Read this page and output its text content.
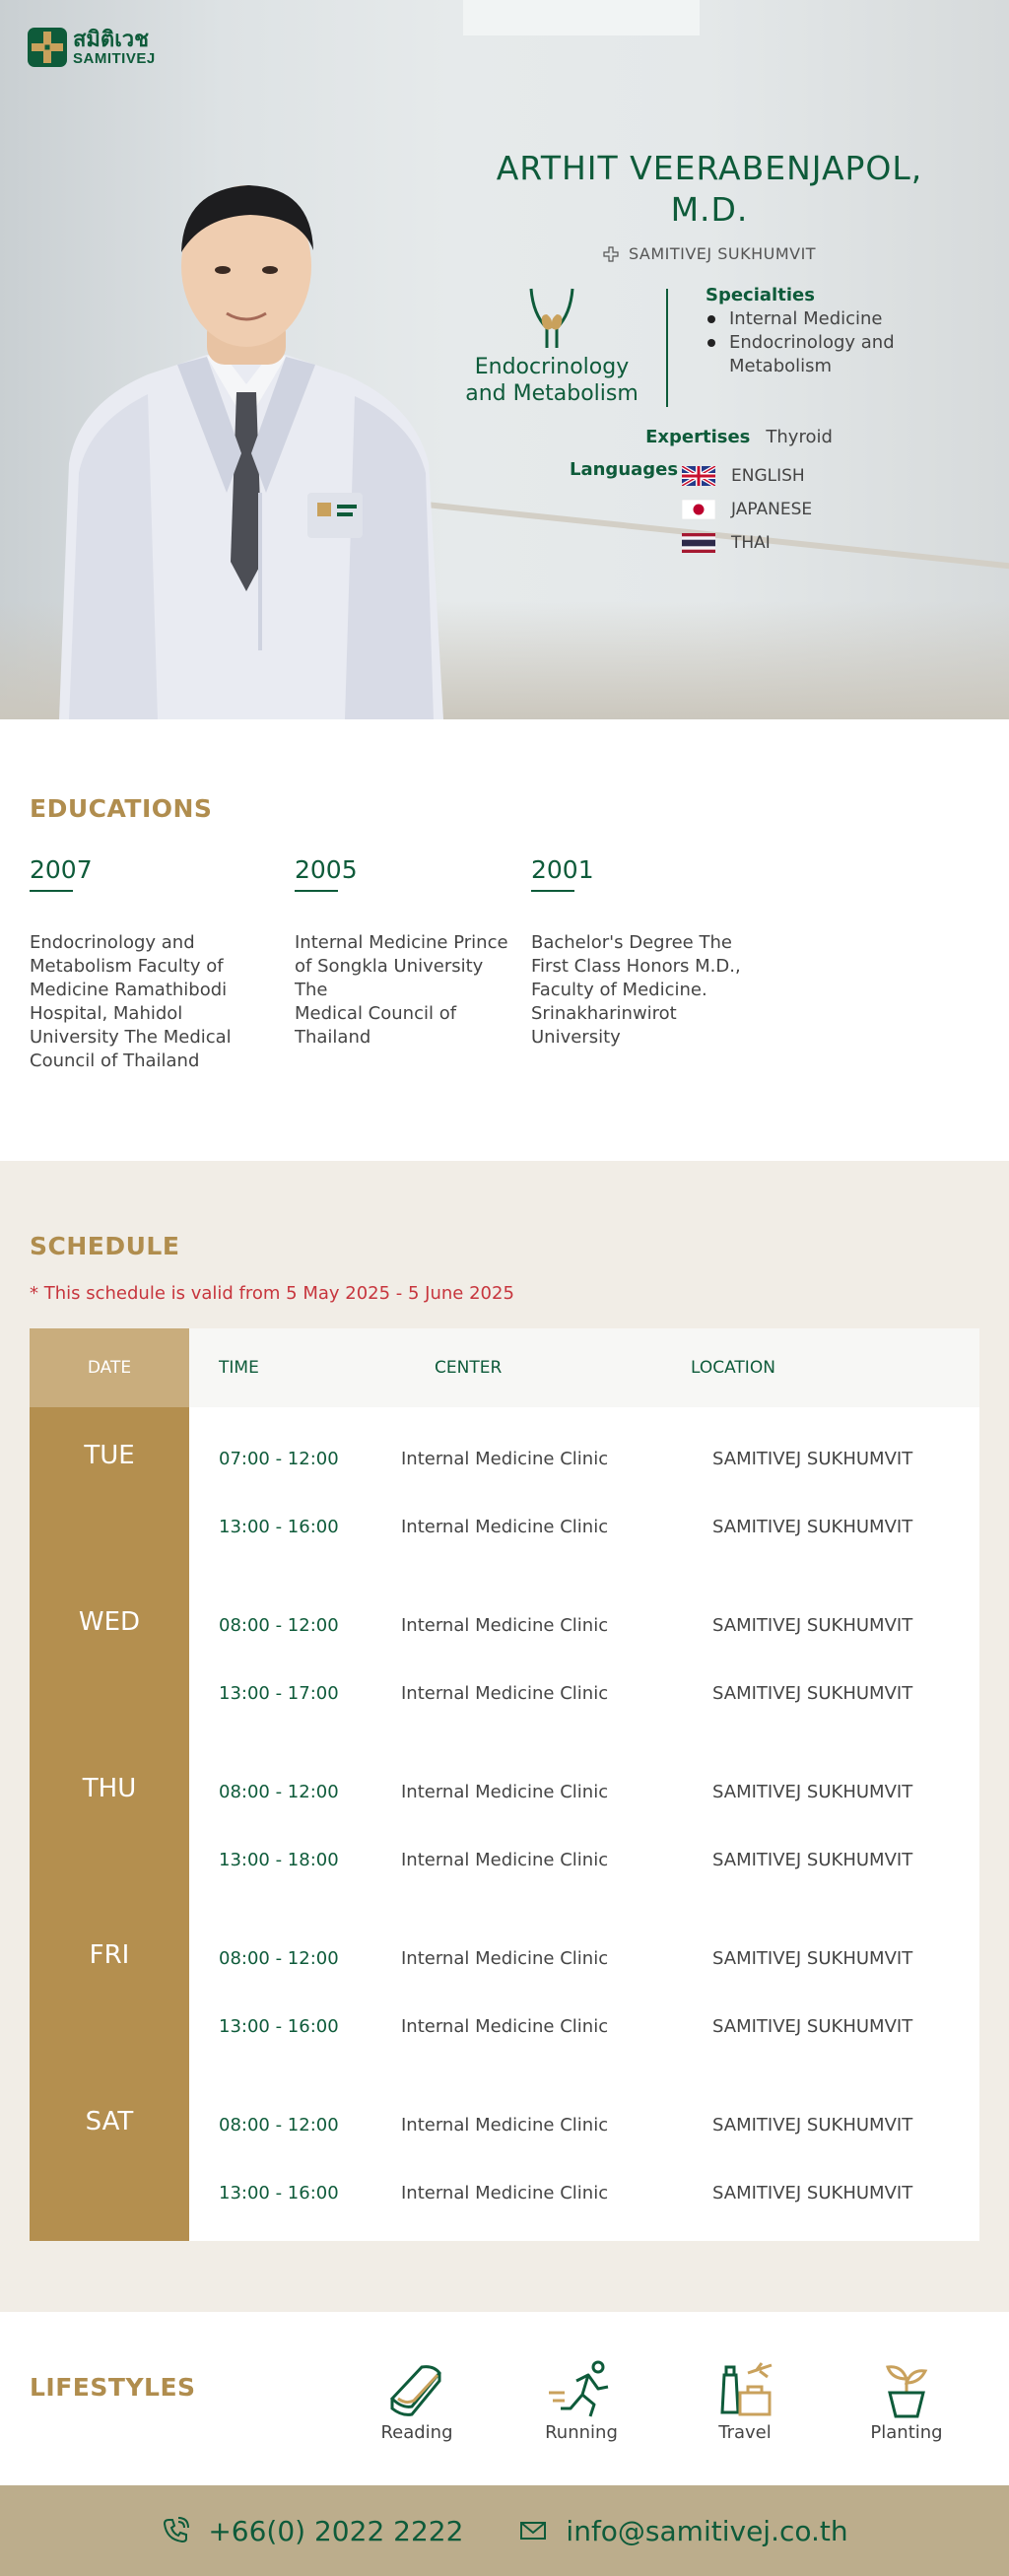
สมิติเวช
SAMITIVEJ
ARTHIT VEERABENJAPOL,
M.D.
SAMITIVEJ SUKHUMVIT
Endocrinology
and Metabolism
Specialties
Internal Medicine
Endocrinology and Metabolism
Expertises Thyroid
Languages	ENGLISH
JAPANESE
THAI
EDUCATIONS
2007
Endocrinology and
Metabolism Faculty of
Medicine Ramathibodi
Hospital, Mahidol
University The Medical
Council of Thailand
2005
Internal Medicine Prince
of Songkla University
The
Medical Council of
Thailand
2001
Bachelor's Degree The
First Class Honors M.D.,
Faculty of Medicine.
Srinakharinwirot
University
SCHEDULE
* This schedule is valid from 5 May 2025 - 5 June 2025
DATE	TIME	CENTER	LOCATION
TUE	07:00 - 12:00	Internal Medicine Clinic	SAMITIVEJ SUKHUMVIT
13:00 - 16:00	Internal Medicine Clinic	SAMITIVEJ SUKHUMVIT
WED	08:00 - 12:00	Internal Medicine Clinic	SAMITIVEJ SUKHUMVIT
13:00 - 17:00	Internal Medicine Clinic	SAMITIVEJ SUKHUMVIT
THU	08:00 - 12:00	Internal Medicine Clinic	SAMITIVEJ SUKHUMVIT
13:00 - 18:00	Internal Medicine Clinic	SAMITIVEJ SUKHUMVIT
FRI	08:00 - 12:00	Internal Medicine Clinic	SAMITIVEJ SUKHUMVIT
13:00 - 16:00	Internal Medicine Clinic	SAMITIVEJ SUKHUMVIT
SAT	08:00 - 12:00	Internal Medicine Clinic	SAMITIVEJ SUKHUMVIT
13:00 - 16:00	Internal Medicine Clinic	SAMITIVEJ SUKHUMVIT
LIFESTYLES
Reading	Running	Travel	Planting
+66(0) 2022 2222	info@samitivej.co.th
